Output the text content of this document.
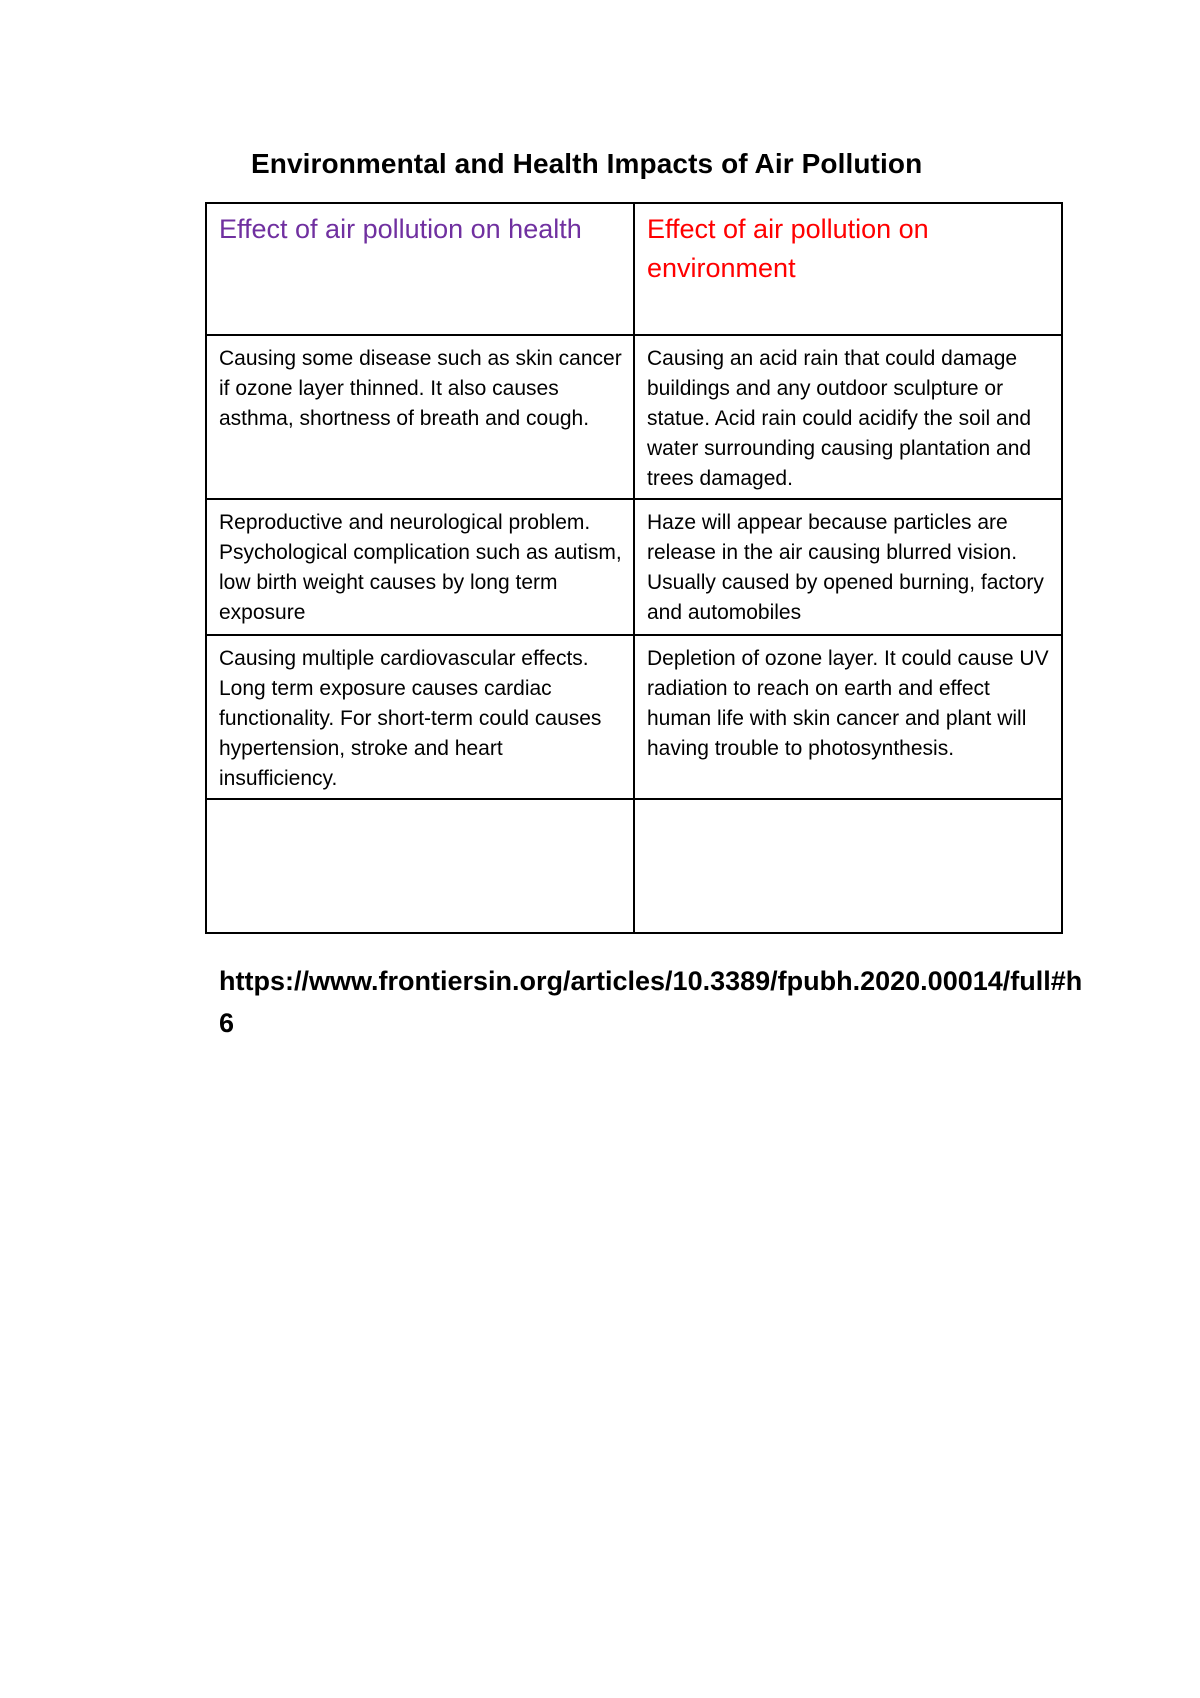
Environmental and Health Impacts of Air Pollution
Effect of air pollution on health	Effect of air pollution on environment
Causing some disease such as skin cancer if ozone layer thinned. It also causes asthma, shortness of breath and cough.	Causing an acid rain that could damage buildings and any outdoor sculpture or statue. Acid rain could acidify the soil and water surrounding causing plantation and trees damaged.
Reproductive and neurological problem. Psychological complication such as autism, low birth weight causes by long term exposure	Haze will appear because particles are release in the air causing blurred vision. Usually caused by opened burning, factory and automobiles
Causing multiple cardiovascular effects. Long term exposure causes cardiac functionality. For short-term could causes hypertension, stroke and heart insufficiency.	Depletion of ozone layer. It could cause UV radiation to reach on earth and effect human life with skin cancer and plant will having trouble to photosynthesis.

https://www.frontiersin.org/articles/10.3389/fpubh.2020.00014/full#h6
